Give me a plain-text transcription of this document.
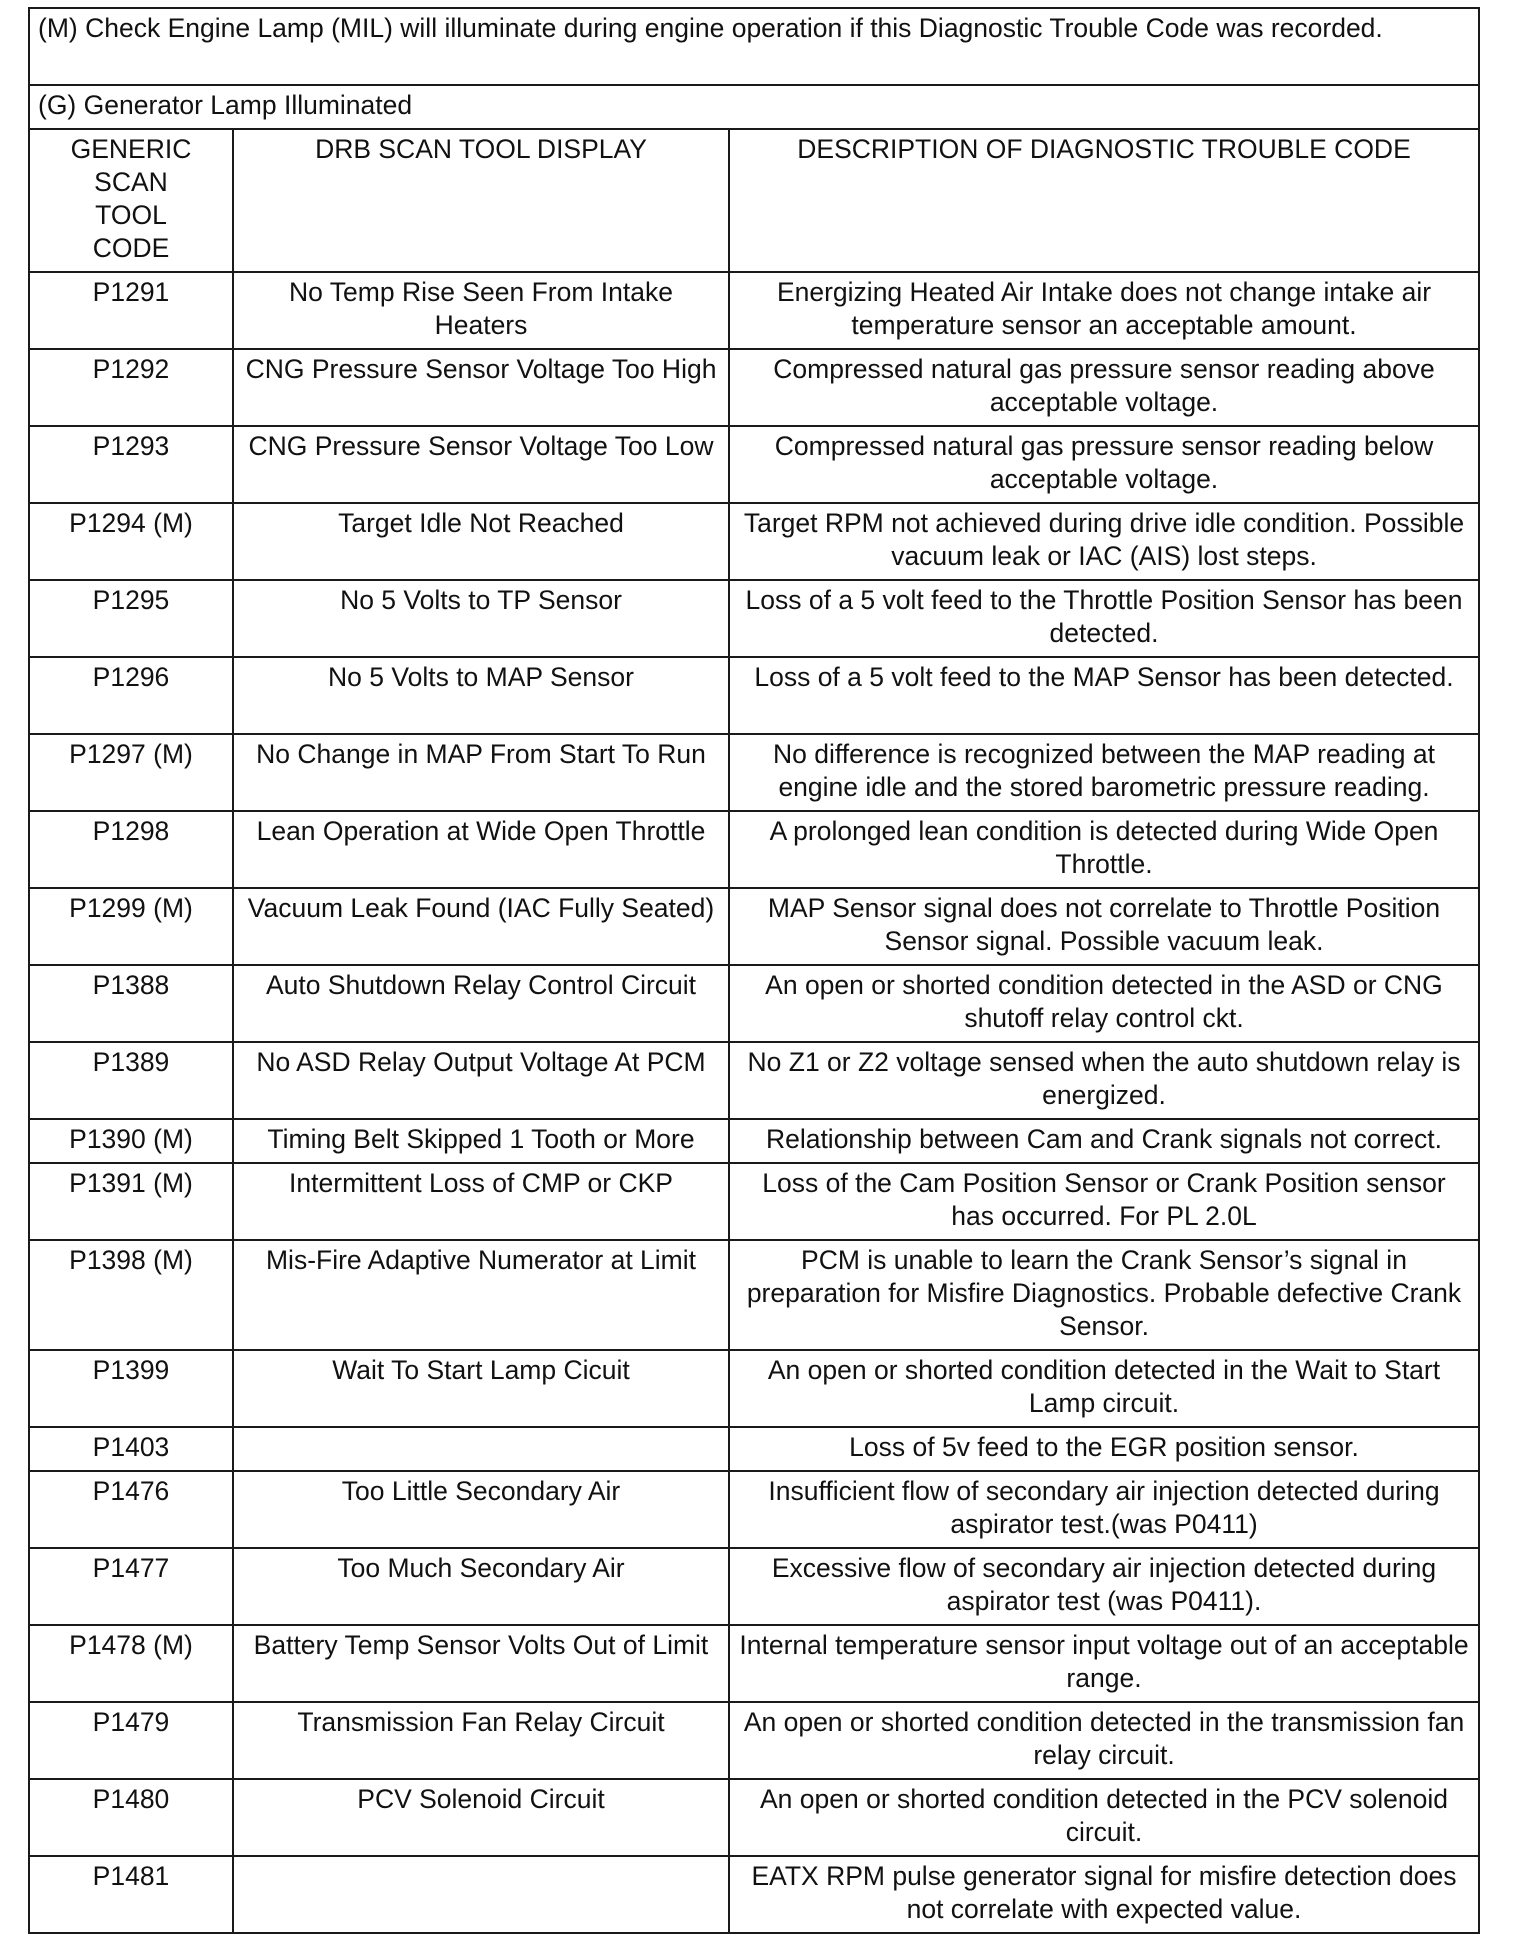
(M) Check Engine Lamp (MIL) will illuminate during engine operation if this Diagnostic Trouble Code was recorded.		
(G) Generator Lamp Illuminated		
GENERIC SCAN TOOL CODE	DRB SCAN TOOL DISPLAY	DESCRIPTION OF DIAGNOSTIC TROUBLE CODE
P1291	No Temp Rise Seen From Intake Heaters	Energizing Heated Air Intake does not change intake air temperature sensor an acceptable amount.
P1292	CNG Pressure Sensor Voltage Too High	Compressed natural gas pressure sensor reading above acceptable voltage.
P1293	CNG Pressure Sensor Voltage Too Low	Compressed natural gas pressure sensor reading below acceptable voltage.
P1294 (M)	Target Idle Not Reached	Target RPM not achieved during drive idle condition. Possible vacuum leak or IAC (AIS) lost steps.
P1295	No 5 Volts to TP Sensor	Loss of a 5 volt feed to the Throttle Position Sensor has been detected.
P1296	No 5 Volts to MAP Sensor	Loss of a 5 volt feed to the MAP Sensor has been detected.
P1297 (M)	No Change in MAP From Start To Run	No difference is recognized between the MAP reading at engine idle and the stored barometric pressure reading.
P1298	Lean Operation at Wide Open Throttle	A prolonged lean condition is detected during Wide Open Throttle.
P1299 (M)	Vacuum Leak Found (IAC Fully Seated)	MAP Sensor signal does not correlate to Throttle Position Sensor signal. Possible vacuum leak.
P1388	Auto Shutdown Relay Control Circuit	An open or shorted condition detected in the ASD or CNG shutoff relay control ckt.
P1389	No ASD Relay Output Voltage At PCM	No Z1 or Z2 voltage sensed when the auto shutdown relay is energized.
P1390 (M)	Timing Belt Skipped 1 Tooth or More	Relationship between Cam and Crank signals not correct.
P1391 (M)	Intermittent Loss of CMP or CKP	Loss of the Cam Position Sensor or Crank Position sensor has occurred. For PL 2.0L
P1398 (M)	Mis-Fire Adaptive Numerator at Limit	PCM is unable to learn the Crank Sensor’s signal in preparation for Misfire Diagnostics. Probable defective Crank Sensor.
P1399	Wait To Start Lamp Cicuit	An open or shorted condition detected in the Wait to Start Lamp circuit.
P1403		Loss of 5v feed to the EGR position sensor.
P1476	Too Little Secondary Air	Insufficient flow of secondary air injection detected during aspirator test.(was P0411)
P1477	Too Much Secondary Air	Excessive flow of secondary air injection detected during aspirator test (was P0411).
P1478 (M)	Battery Temp Sensor Volts Out of Limit	Internal temperature sensor input voltage out of an acceptable range.
P1479	Transmission Fan Relay Circuit	An open or shorted condition detected in the transmission fan relay circuit.
P1480	PCV Solenoid Circuit	An open or shorted condition detected in the PCV solenoid circuit.
P1481		EATX RPM pulse generator signal for misfire detection does not correlate with expected value.
